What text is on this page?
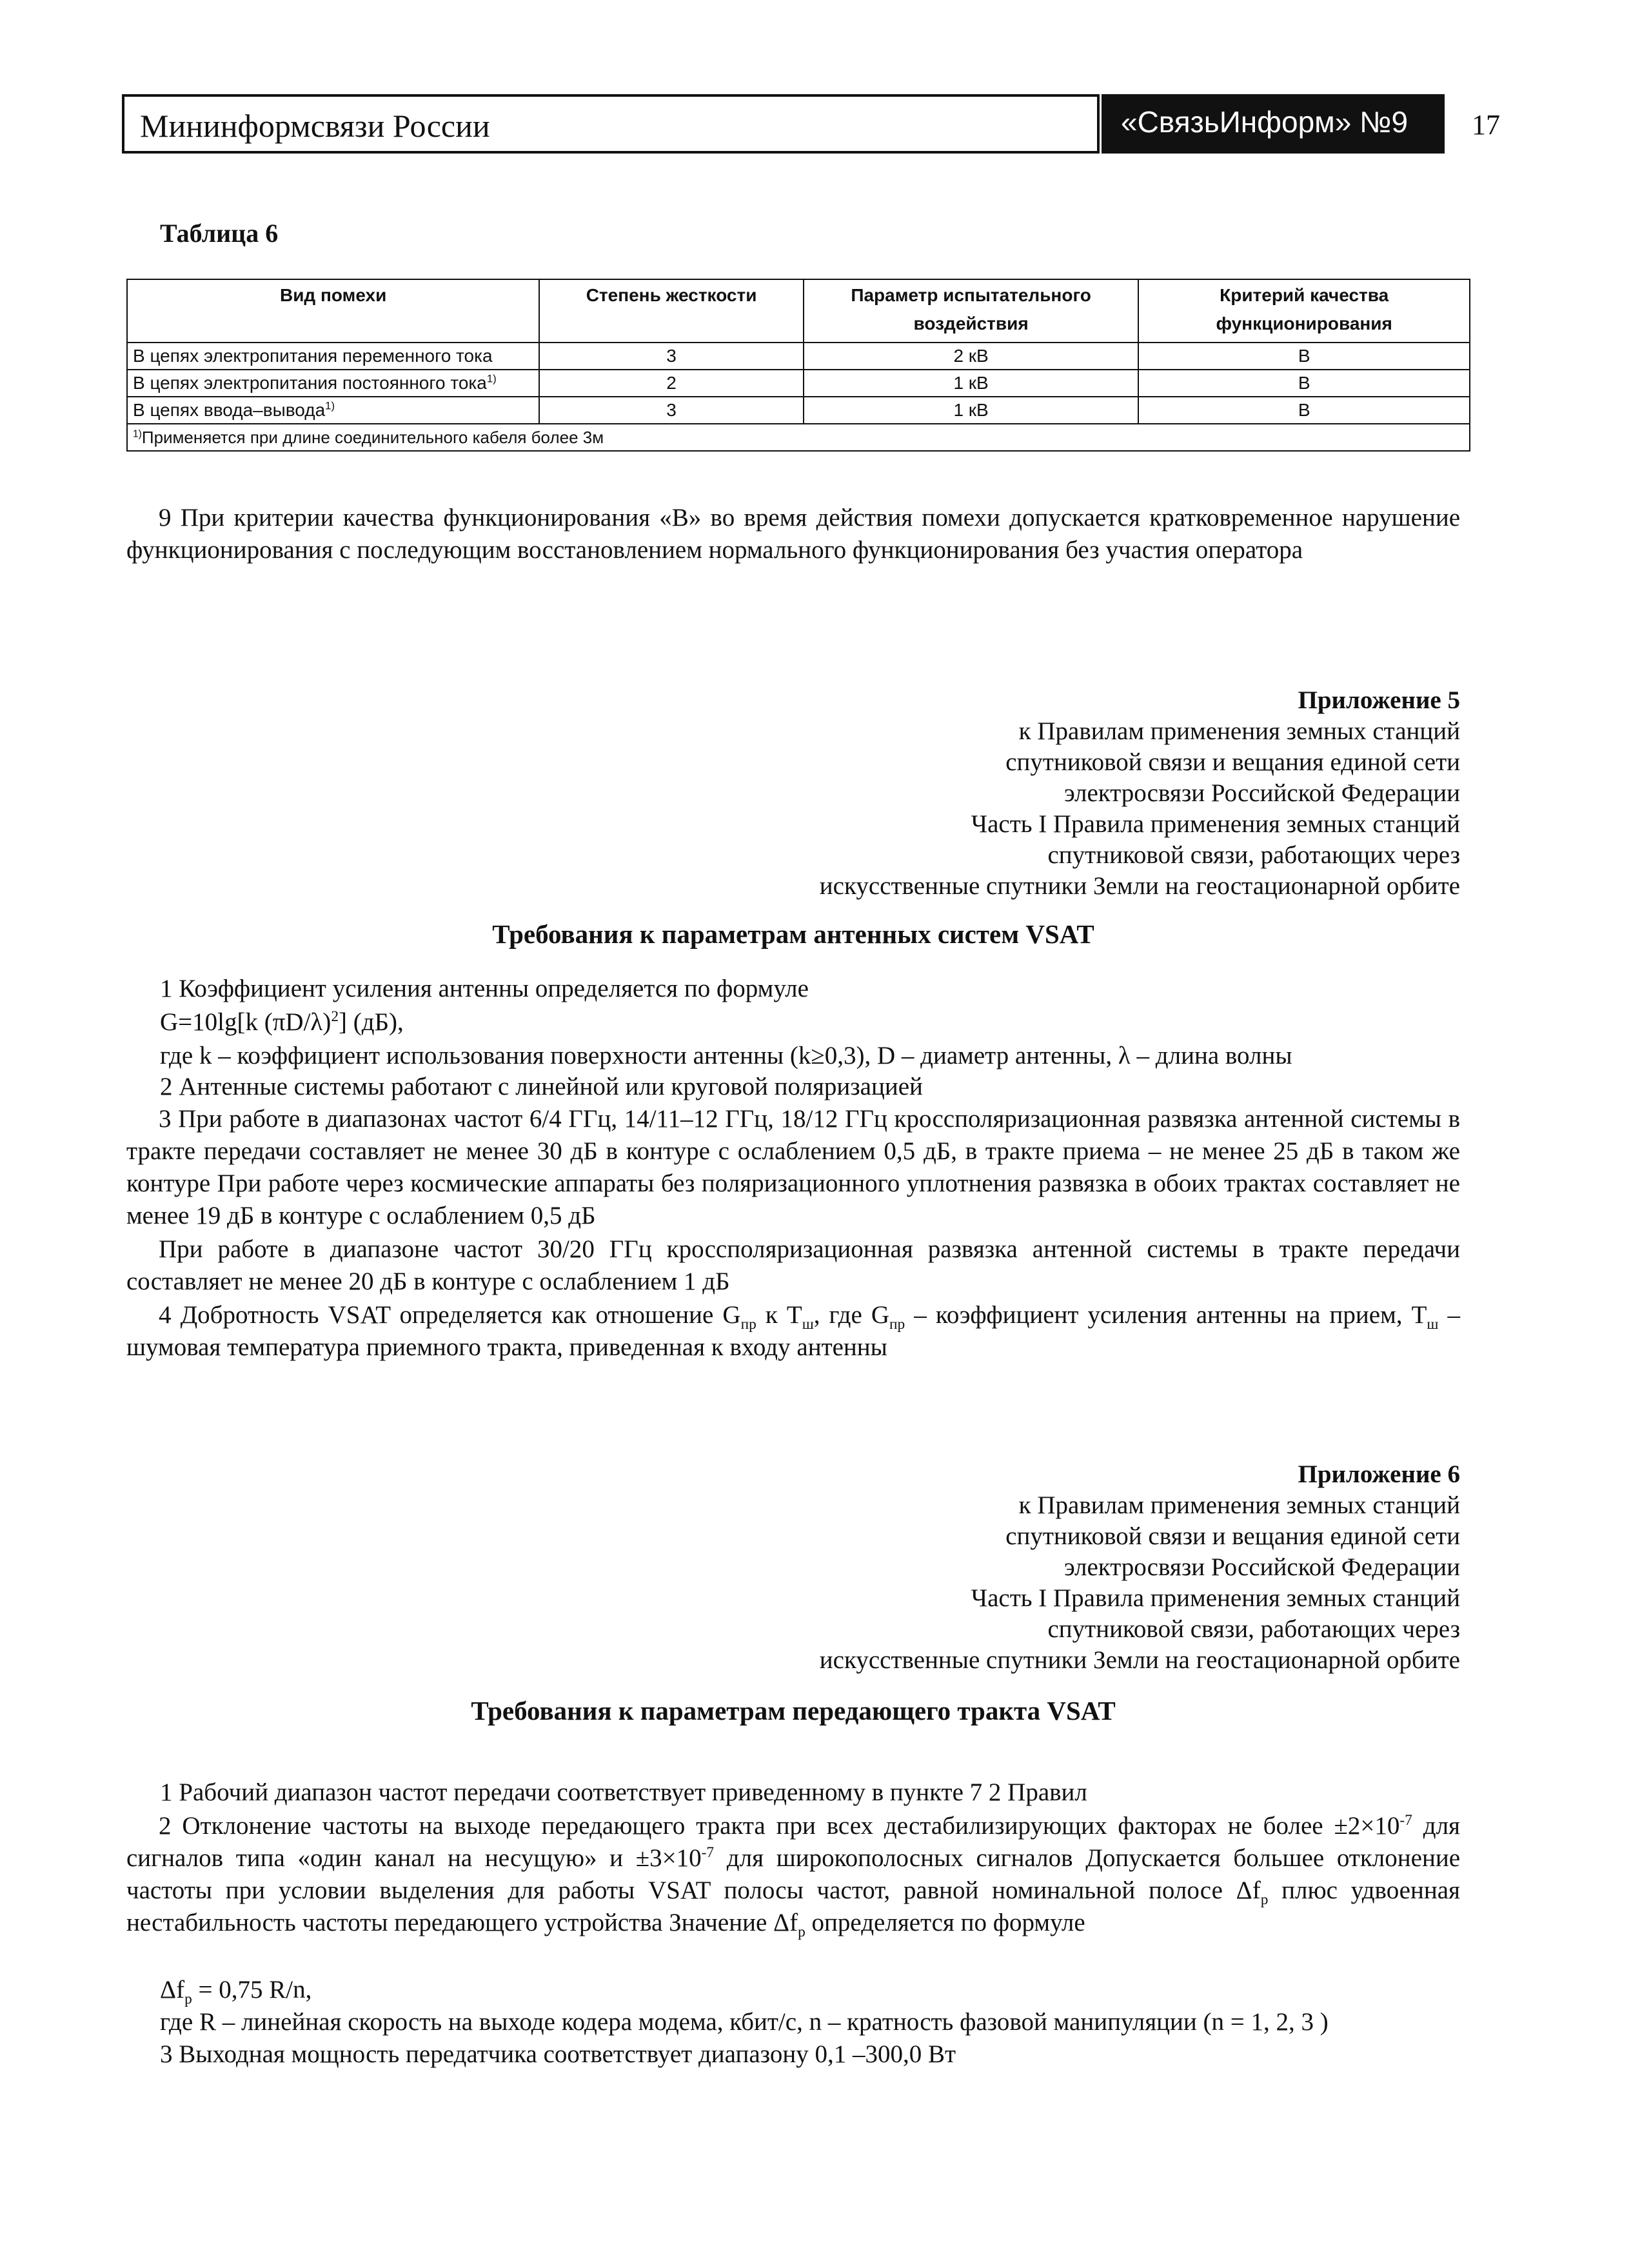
Мининформсвязи России	«СвязьИнформ» №9 17
Таблица 6
Вид помехи	Степень жесткости	Параметр испытательного воздействия	Критерий качества функционирования
В цепях электропитания переменного тока	3	2 кВ	В
В цепях электропитания постоянного тока$^{1)}$	2	1 кВ	В
В цепях ввода–вывода$^{1)}$	3	1 кВ	В
$^{1)}$Применяется при длине соединительного кабеля более 3м			
9 При критерии качества функционирования «В» во время действия помехи допускается кратковременное нарушение функционирования с последующим восстановлением нормального функционирования без участия оператора
Приложение 5
к Правилам применения земных станций
спутниковой связи и вещания единой сети
электросвязи Российской Федерации
Часть I Правила применения земных станций
спутниковой связи, работающих через
искусственные спутники Земли на геостационарной орбите
Требования к параметрам антенных систем VSAT
1 Коэффициент усиления антенны определяется по формуле
G=10lg[k $(\pi D/\lambda)^2$] (дБ),
где k – коэффициент использования поверхности антенны (k≥0,3), D – диаметр антенны, λ – длина волны
2 Антенные системы работают с линейной или круговой поляризацией
3 При работе в диапазонах частот 6/4 ГГц, 14/11–12 ГГц, 18/12 ГГц кроссполяризационная развязка антенной системы в тракте передачи составляет не менее 30 дБ в контуре с ослаблением 0,5 дБ, в тракте приема – не менее 25 дБ в таком же контуре При работе через космические аппараты без поляризационного уплотнения развязка в обоих трактах составляет не менее 19 дБ в контуре с ослаблением 0,5 дБ
При работе в диапазоне частот 30/20 ГГц кроссполяризационная развязка антенной системы в тракте передачи составляет не менее 20 дБ в контуре с ослаблением 1 дБ
4 Добротность VSAT определяется как отношение $G_{пр}$ к $T_ш$, где $G_{пр}$ – коэффициент усиления антенны на прием, $T_ш$ – шумовая температура приемного тракта, приведенная к входу антенны
Приложение 6
к Правилам применения земных станций
спутниковой связи и вещания единой сети
электросвязи Российской Федерации
Часть I Правила применения земных станций
спутниковой связи, работающих через
искусственные спутники Земли на геостационарной орбите
Требования к параметрам передающего тракта VSAT
1 Рабочий диапазон частот передачи соответствует приведенному в пункте 7 2 Правил
2 Отклонение частоты на выходе передающего тракта при всех дестабилизирующих факторах не более $\pm 2\times 10^{-7}$ для сигналов типа «один канал на несущую» $и \pm 3\times 10^{-7}$ для широкополосных сигналов Допускается большее отклонение частоты при условии выделения для работы VSAT полосы частот, равной номинальной полосе $\Delta f_p$ плюс удвоенная нестабильность частоты передающего устройства Значение $\Delta f_p$ определяется по формуле
$\Delta f_p = 0,75$ R/n,
где R – линейная скорость на выходе кодера модема, кбит/с, n – кратность фазовой манипуляции (n = 1, 2, 3 )
3 Выходная мощность передатчика соответствует диапазону 0,1 –300,0 Вт
